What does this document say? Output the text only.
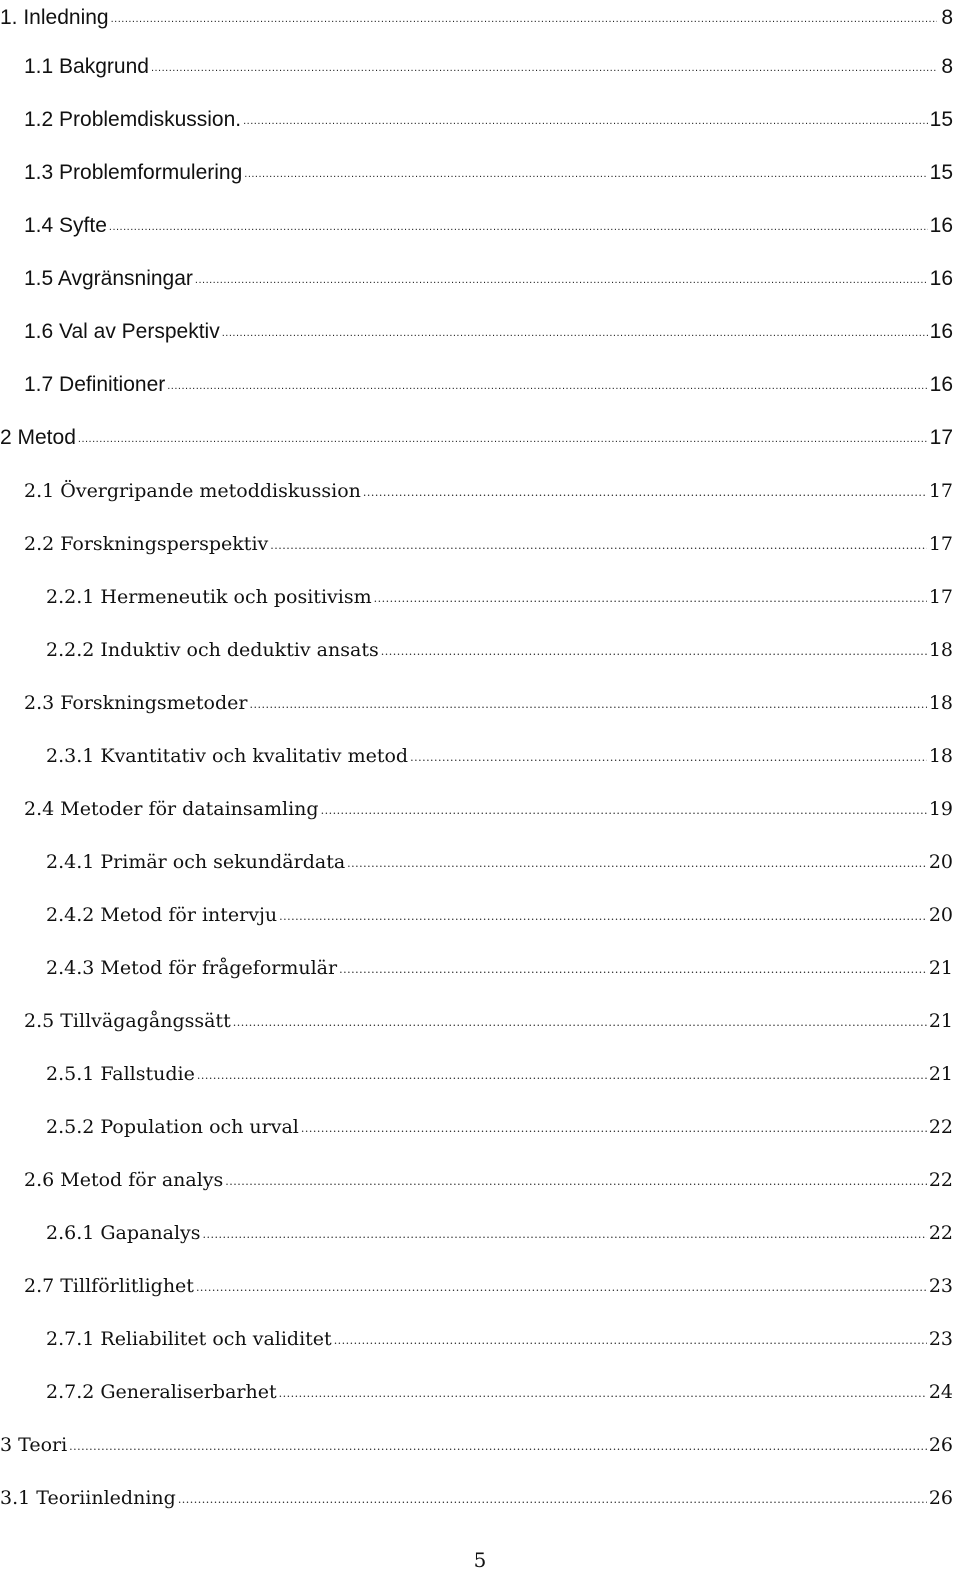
1. Inledning .....	8
1.1 Bakgrund .....	8
1.2 Problemdiskussion. .....	15
1.3 Problemformulering .....	15
1.4 Syfte .....	16
1.5 Avgränsningar .....	16
1.6 Val av Perspektiv .....	16
1.7 Definitioner .....	16
2 Metod .....	17
2.1 Övergripande metoddiskussion .....	17
2.2 Forskningsperspektiv .....	17
2.2.1 Hermeneutik och positivism .....	17
2.2.2 Induktiv och deduktiv ansats .....	18
2.3 Forskningsmetoder .....	18
2.3.1 Kvantitativ och kvalitativ metod .....	18
2.4 Metoder för datainsamling .....	19
2.4.1 Primär och sekundärdata .....	20
2.4.2 Metod för intervju .....	20
2.4.3 Metod för frågeformulär .....	21
2.5 Tillvägagångssätt .....	21
2.5.1 Fallstudie .....	21
2.5.2 Population och urval .....	22
2.6 Metod för analys .....	22
2.6.1 Gapanalys .....	22
2.7 Tillförlitlighet .....	23
2.7.1 Reliabilitet och validitet .....	23
2.7.2 Generaliserbarhet .....	24
3 Teori .....	26
3.1 Teoriinledning .....	26
5
